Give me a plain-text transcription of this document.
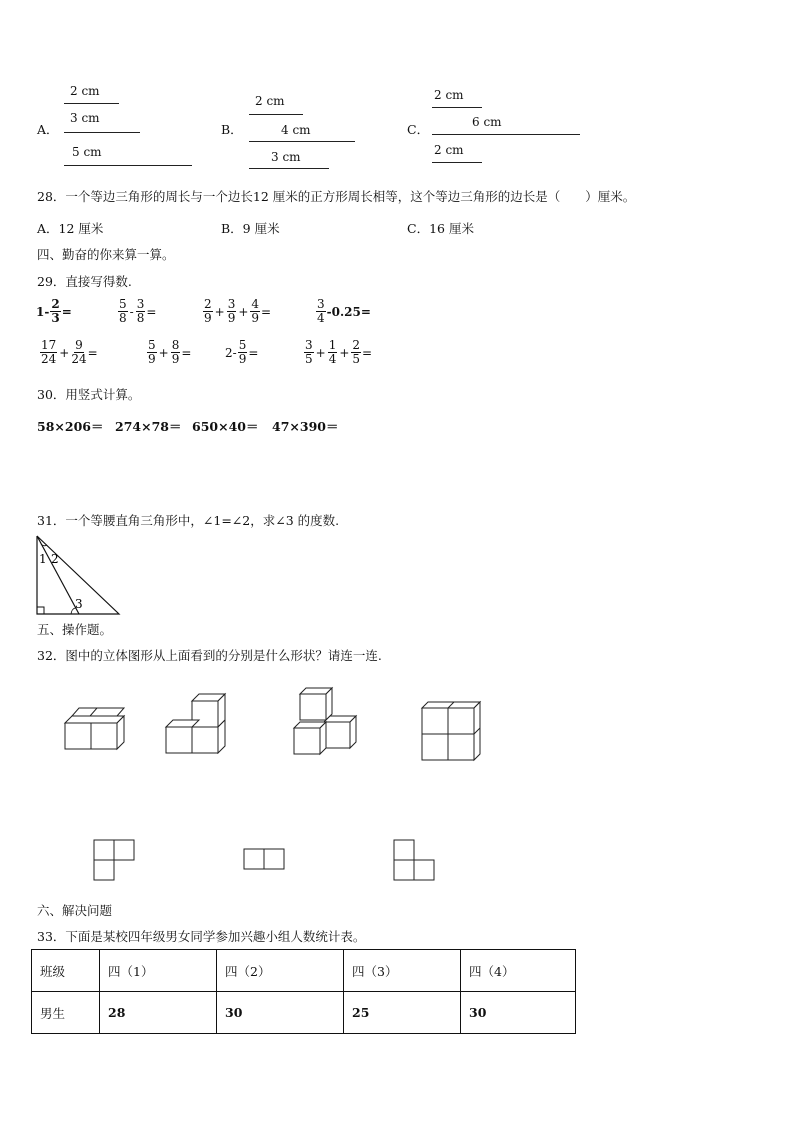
A．
2 cm
3 cm
5 cm
B．
2 cm
4 cm
3 cm
C．
2 cm
6 cm
2 cm
28．一个等边三角形的周长与一个边长12 厘米的正方形周长相等，这个等边三角形的边长是（　　）厘米。
A．12 厘米	B．9 厘米	C．16 厘米
四、勤奋的你来算一算。
29．直接写得数.
$1- \frac{2}{3}$ =	$\frac{5}{8} - \frac{3}{8}$ =	$\frac{2}{9} + \frac{3}{9} + \frac{4}{9}$ =	$\frac{3}{4} -0.25=$
$\frac{17}{24} + \frac{9}{24}$ =	$\frac{5}{9} + \frac{8}{9}$ =	$2- \frac{5}{9}$ =	$\frac{3}{5} + \frac{1}{4} + \frac{2}{5}$ =
30．用竖式计算。
58×206＝ 274×78＝ 650×40＝ 47×390＝
31．一个等腰直角三角形中，∠1=∠2，求∠3 的度数.
1 2
3
五、操作题。
32．图中的立体图形从上面看到的分别是什么形状？请连一连.
六、解决问题
33．下面是某校四年级男女同学参加兴趣小组人数统计表。
班级	四（1）	四（2）	四（3）	四（4）
男生	28	30	25	30
